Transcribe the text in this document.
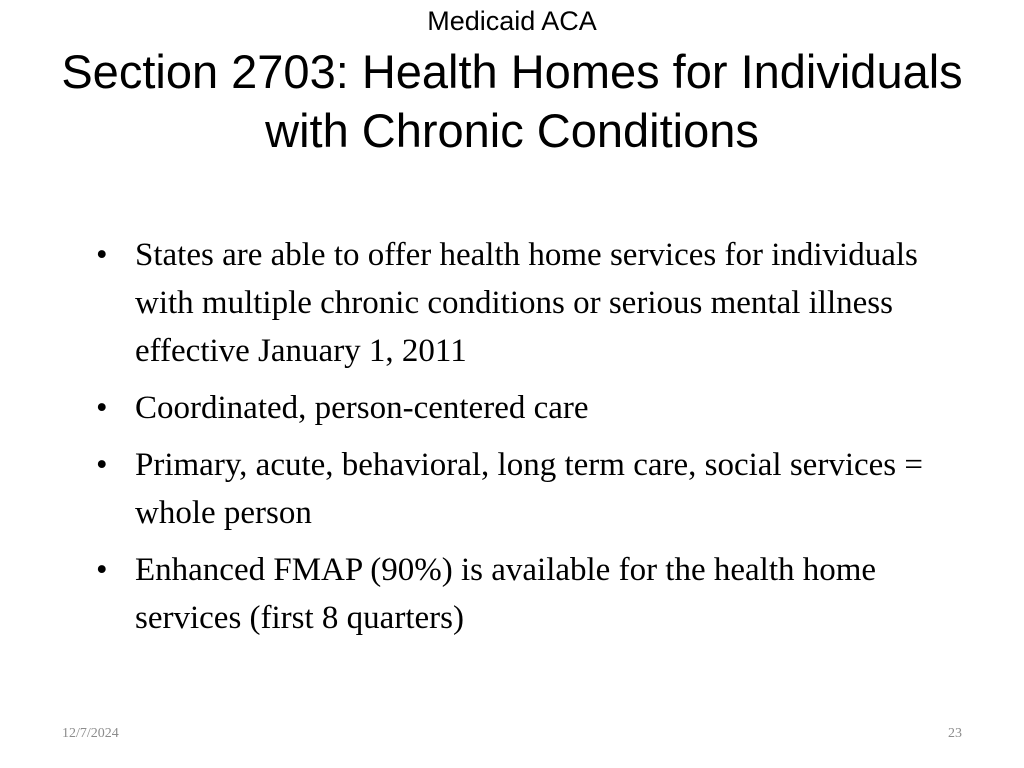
Medicaid ACA
Section 2703: Health Homes for Individuals with Chronic Conditions
• States are able to offer health home services for individuals with multiple chronic conditions or serious mental illness effective January 1, 2011
• Coordinated, person-centered care
• Primary, acute, behavioral, long term care, social services = whole person
• Enhanced FMAP (90%) is available for the health home services (first 8 quarters)
12/7/2024	23
